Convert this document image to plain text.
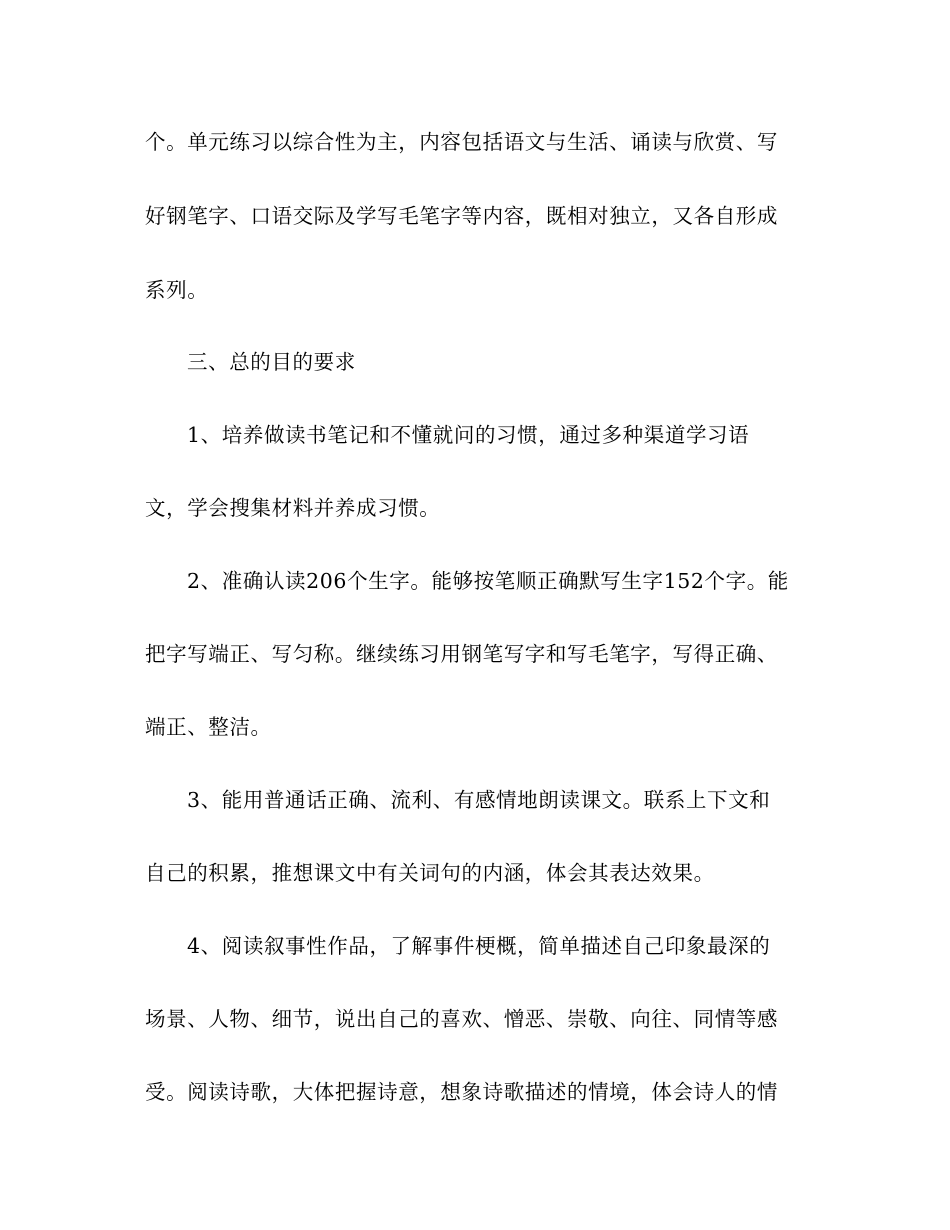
个。单元练习以综合性为主，内容包括语文与生活、诵读与欣赏、写
好钢笔字、口语交际及学写毛笔字等内容，既相对独立，又各自形成
系列。
三、总的目的要求
1、培养做读书笔记和不懂就问的习惯，通过多种渠道学习语
文，学会搜集材料并养成习惯。
2、准确认读206个生字。能够按笔顺正确默写生字152个字。能
把字写端正、写匀称。继续练习用钢笔写字和写毛笔字，写得正确、
端正、整洁。
3、能用普通话正确、流利、有感情地朗读课文。联系上下文和
自己的积累，推想课文中有关词句的内涵，体会其表达效果。
4、阅读叙事性作品，了解事件梗概，简单描述自己印象最深的
场景、人物、细节，说出自己的喜欢、憎恶、崇敬、向往、同情等感
受。阅读诗歌，大体把握诗意，想象诗歌描述的情境，体会诗人的情
